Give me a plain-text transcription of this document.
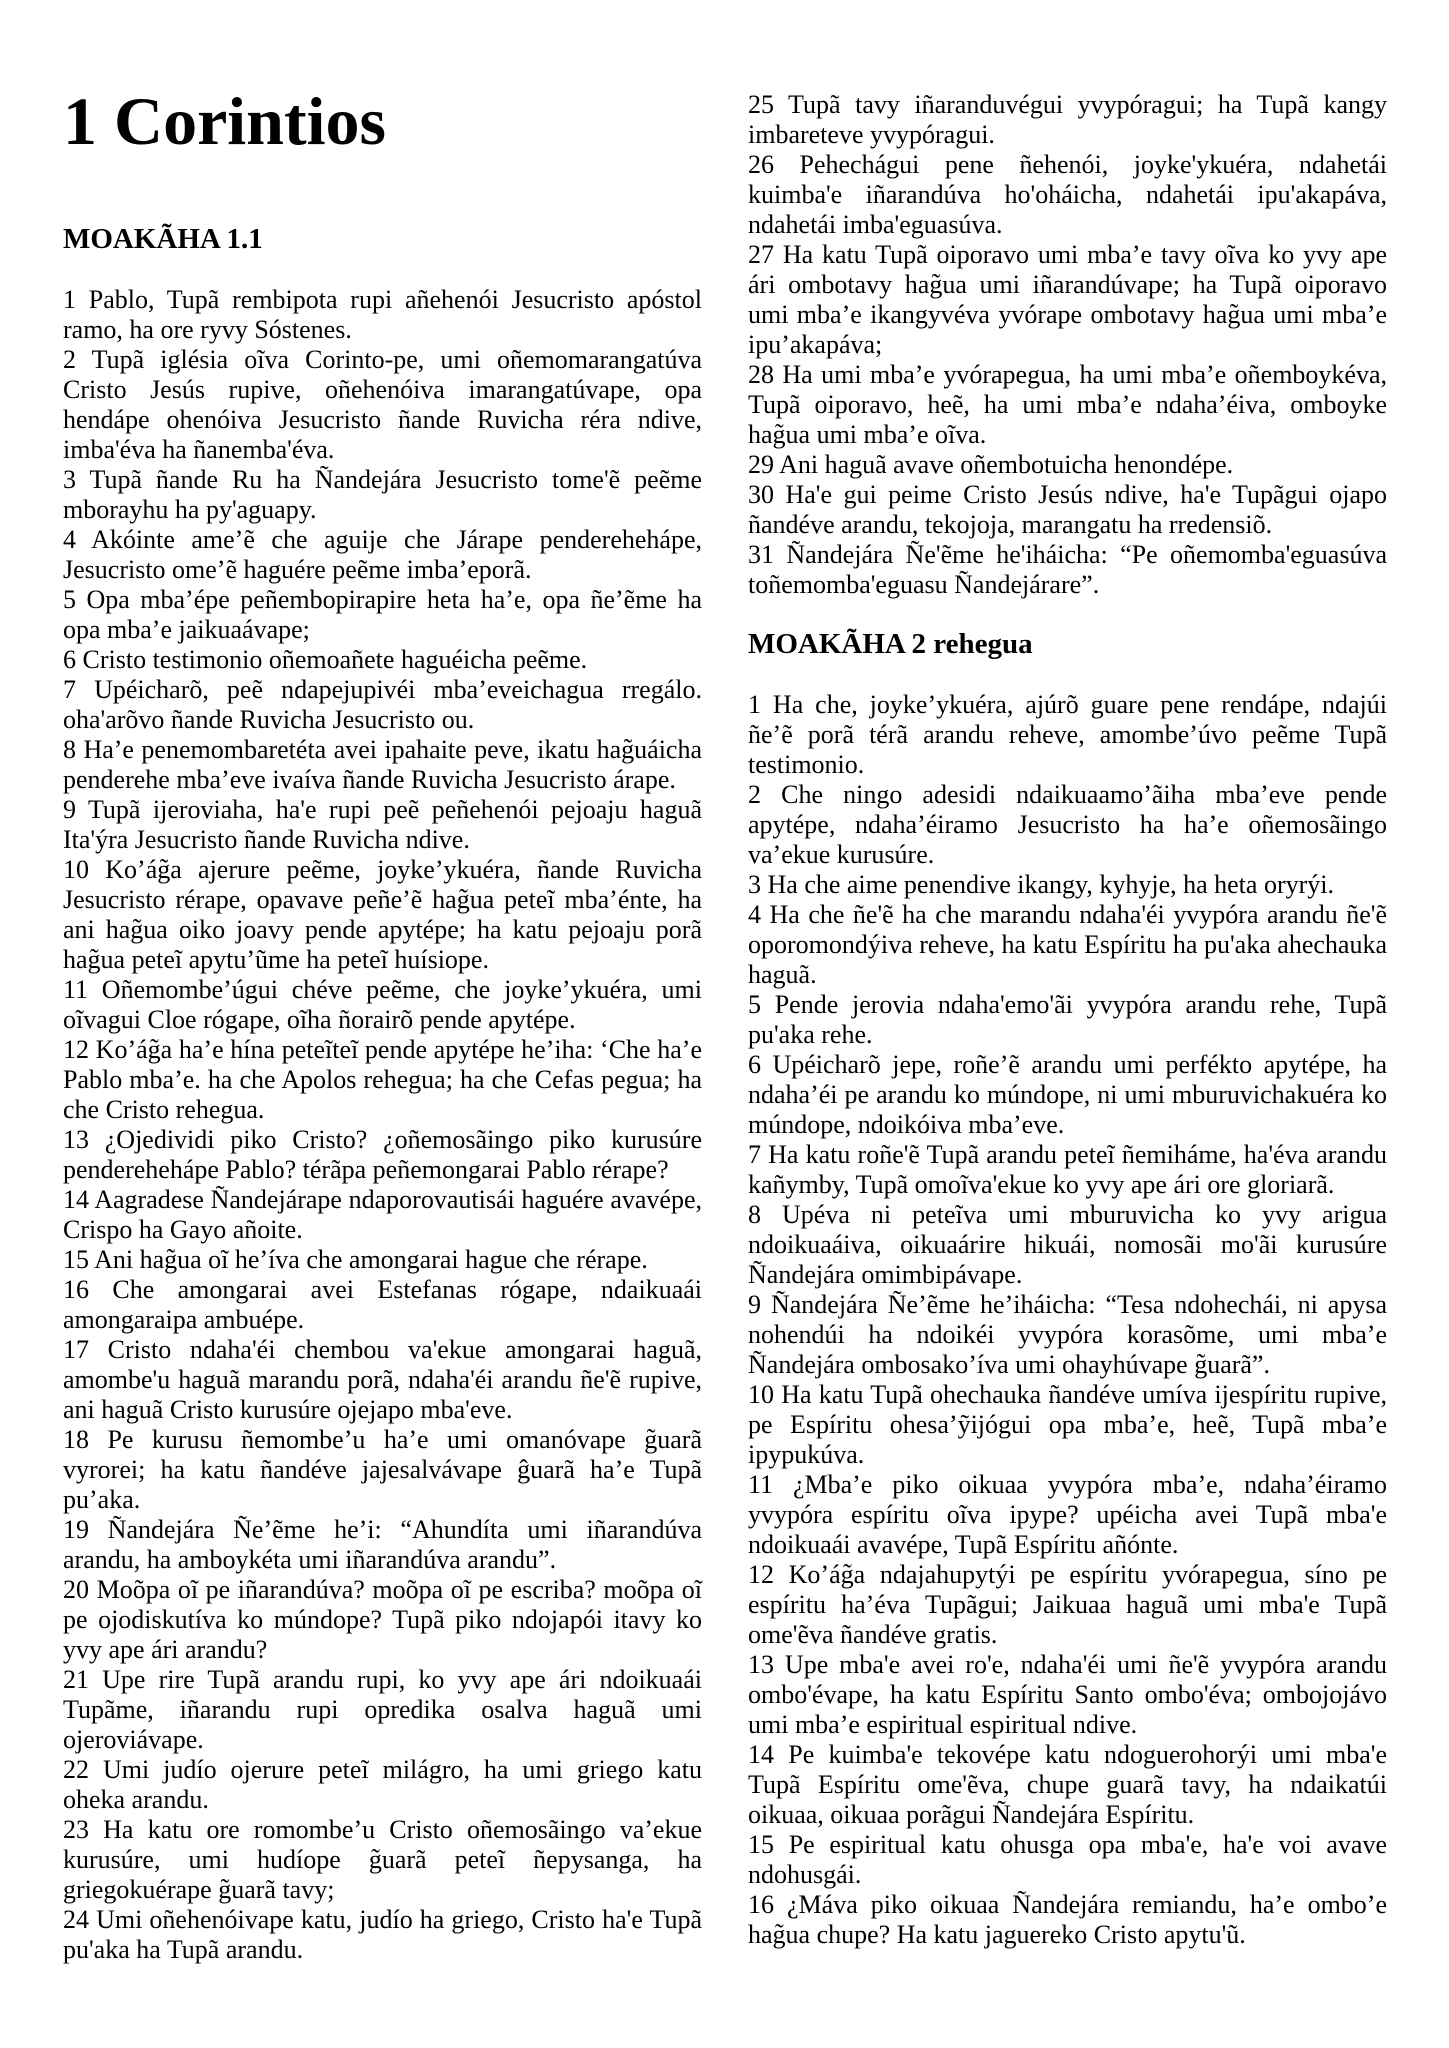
1 Corintios
MOAKÃHA 1.1

1 Pablo, Tupã rembipota rupi añehenói Jesucristo apóstol ramo, ha ore ryvy Sóstenes.

2 Tupã iglésia oĩva Corinto-pe, umi oñemomarangatúva Cristo Jesús rupive, oñehenóiva imarangatúvape, opa hendápe ohenóiva Jesucristo ñande Ruvicha réra ndive, imba'éva ha ñanemba'éva.

3 Tupã ñande Ru ha Ñandejára Jesucristo tome'ẽ peẽme mborayhu ha py'aguapy.

4 Akóinte ame’ẽ che aguije che Járape penderehehápe, Jesucristo ome’ẽ haguére peẽme imba’eporã.

5 Opa mba’épe peñembopirapire heta ha’e, opa ñe’ẽme ha opa mba’e jaikuaávape;

6 Cristo testimonio oñemoañete haguéicha peẽme.

7 Upéicharõ, peẽ ndapejupivéi mba’eveichagua rregálo. oha'arõvo ñande Ruvicha Jesucristo ou.

8 Ha’e penemombaretéta avei ipahaite peve, ikatu hag̃uáicha penderehe mba’eve ivaíva ñande Ruvicha Jesucristo árape.

9 Tupã ijeroviaha, ha'e rupi peẽ peñehenói pejoaju haguã Ita'ýra Jesucristo ñande Ruvicha ndive.

10 Ko’ág̃a ajerure peẽme, joyke’ykuéra, ñande Ruvicha Jesucristo rérape, opavave peñe’ẽ hag̃ua peteĩ mba’énte, ha ani hag̃ua oiko joavy pende apytépe; ha katu pejoaju porã hag̃ua peteĩ apytu’ũme ha peteĩ huísiope.

11 Oñemombe’úgui chéve peẽme, che joyke’ykuéra, umi oĩvagui Cloe rógape, oĩha ñorairõ pende apytépe.

12 Ko’ág̃a ha’e hína peteĩteĩ pende apytépe he’iha: ‘Che ha’e Pablo mba’e. ha che Apolos rehegua; ha che Cefas pegua; ha che Cristo rehegua.

13 ¿Ojedividi piko Cristo? ¿oñemosãingo piko kurusúre penderehehápe Pablo? térãpa peñemongarai Pablo rérape?

14 Aagradese Ñandejárape ndaporovautisái haguére avavépe, Crispo ha Gayo añoite.

15 Ani hag̃ua oĩ he’íva che amongarai hague che rérape.

16 Che amongarai avei Estefanas rógape, ndaikuaái amongaraipa ambuépe.

17 Cristo ndaha'éi chembou va'ekue amongarai haguã, amombe'u haguã marandu porã, ndaha'éi arandu ñe'ẽ rupive, ani haguã Cristo kurusúre ojejapo mba'eve.

18 Pe kurusu ñemombe’u ha’e umi omanóvape g̃uarã vyrorei; ha katu ñandéve jajesalvávape ĝuarã ha’e Tupã pu’aka.

19 Ñandejára Ñe’ẽme he’i: “Ahundíta umi iñarandúva arandu, ha amboykéta umi iñarandúva arandu”.

20 Moõpa oĩ pe iñarandúva? moõpa oĩ pe escriba? moõpa oĩ pe ojodiskutíva ko múndope? Tupã piko ndojapói itavy ko yvy ape ári arandu?

21 Upe rire Tupã arandu rupi, ko yvy ape ári ndoikuaái Tupãme, iñarandu rupi opredika osalva haguã umi ojeroviávape.

22 Umi judío ojerure peteĩ milágro, ha umi griego katu oheka arandu.

23 Ha katu ore romombe’u Cristo oñemosãingo va’ekue kurusúre, umi hudíope g̃uarã peteĩ ñepysanga, ha griegokuérape g̃uarã tavy;

24 Umi oñehenóivape katu, judío ha griego, Cristo ha'e Tupã pu'aka ha Tupã arandu.

25 Tupã tavy iñaranduvégui yvypóragui; ha Tupã kangy imbareteve yvypóragui.

26 Pehechágui pene ñehenói, joyke'ykuéra, ndahetái kuimba'e iñarandúva ho'oháicha, ndahetái ipu'akapáva, ndahetái imba'eguasúva.

27 Ha katu Tupã oiporavo umi mba’e tavy oĩva ko yvy ape ári ombotavy hag̃ua umi iñarandúvape; ha Tupã oiporavo umi mba’e ikangyvéva yvórape ombotavy hag̃ua umi mba’e ipu’akapáva;

28 Ha umi mba’e yvórapegua, ha umi mba’e oñemboykéva, Tupã oiporavo, heẽ, ha umi mba’e ndaha’éiva, omboyke hag̃ua umi mba’e oĩva.

29 Ani haguã avave oñembotuicha henondépe.

30 Ha'e gui peime Cristo Jesús ndive, ha'e Tupãgui ojapo ñandéve arandu, tekojoja, marangatu ha rredensiõ.

31 Ñandejára Ñe'ẽme he'iháicha: “Pe oñemomba'eguasúva toñemomba'eguasu Ñandejárare”.

MOAKÃHA 2 rehegua

1 Ha che, joyke’ykuéra, ajúrõ guare pene rendápe, ndajúi ñe’ẽ porã térã arandu reheve, amombe’úvo peẽme Tupã testimonio.

2 Che ningo adesidi ndaikuaamo’ãiha mba’eve pende apytépe, ndaha’éiramo Jesucristo ha ha’e oñemosãingo va’ekue kurusúre.

3 Ha che aime penendive ikangy, kyhyje, ha heta oryrýi.

4 Ha che ñe'ẽ ha che marandu ndaha'éi yvypóra arandu ñe'ẽ oporomondýiva reheve, ha katu Espíritu ha pu'aka ahechauka haguã.

5 Pende jerovia ndaha'emo'ãi yvypóra arandu rehe, Tupã pu'aka rehe.

6 Upéicharõ jepe, roñe’ẽ arandu umi perfékto apytépe, ha ndaha’éi pe arandu ko múndope, ni umi mburuvichakuéra ko múndope, ndoikóiva mba’eve.

7 Ha katu roñe'ẽ Tupã arandu peteĩ ñemiháme, ha'éva arandu kañymby, Tupã omoĩva'ekue ko yvy ape ári ore gloriarã.

8 Upéva ni peteĩva umi mburuvicha ko yvy arigua ndoikuaáiva, oikuaárire hikuái, nomosãi mo'ãi kurusúre Ñandejára omimbipávape.

9 Ñandejára Ñe’ẽme he’iháicha: “Tesa ndohechái, ni apysa nohendúi ha ndoikéi yvypóra korasõme, umi mba’e Ñandejára ombosako’íva umi ohayhúvape g̃uarã”.

10 Ha katu Tupã ohechauka ñandéve umíva ijespíritu rupive, pe Espíritu ohesa’ỹijógui opa mba’e, heẽ, Tupã mba’e ipypukúva.

11 ¿Mba’e piko oikuaa yvypóra mba’e, ndaha’éiramo yvypóra espíritu oĩva ipype? upéicha avei Tupã mba'e ndoikuaái avavépe, Tupã Espíritu añónte.

12 Ko’ág̃a ndajahupytýi pe espíritu yvórapegua, síno pe espíritu ha’éva Tupãgui; Jaikuaa haguã umi mba'e Tupã ome'ẽva ñandéve gratis.

13 Upe mba'e avei ro'e, ndaha'éi umi ñe'ẽ yvypóra arandu ombo'évape, ha katu Espíritu Santo ombo'éva; ombojojávo umi mba’e espiritual espiritual ndive.

14 Pe kuimba'e tekovépe katu ndoguerohorýi umi mba'e Tupã Espíritu ome'ẽva, chupe guarã tavy, ha ndaikatúi oikuaa, oikuaa porãgui Ñandejára Espíritu.

15 Pe espiritual katu ohusga opa mba'e, ha'e voi avave ndohusgái.

16 ¿Máva piko oikuaa Ñandejára remiandu, ha’e ombo’e hag̃ua chupe? Ha katu jaguereko Cristo apytu'ũ.
